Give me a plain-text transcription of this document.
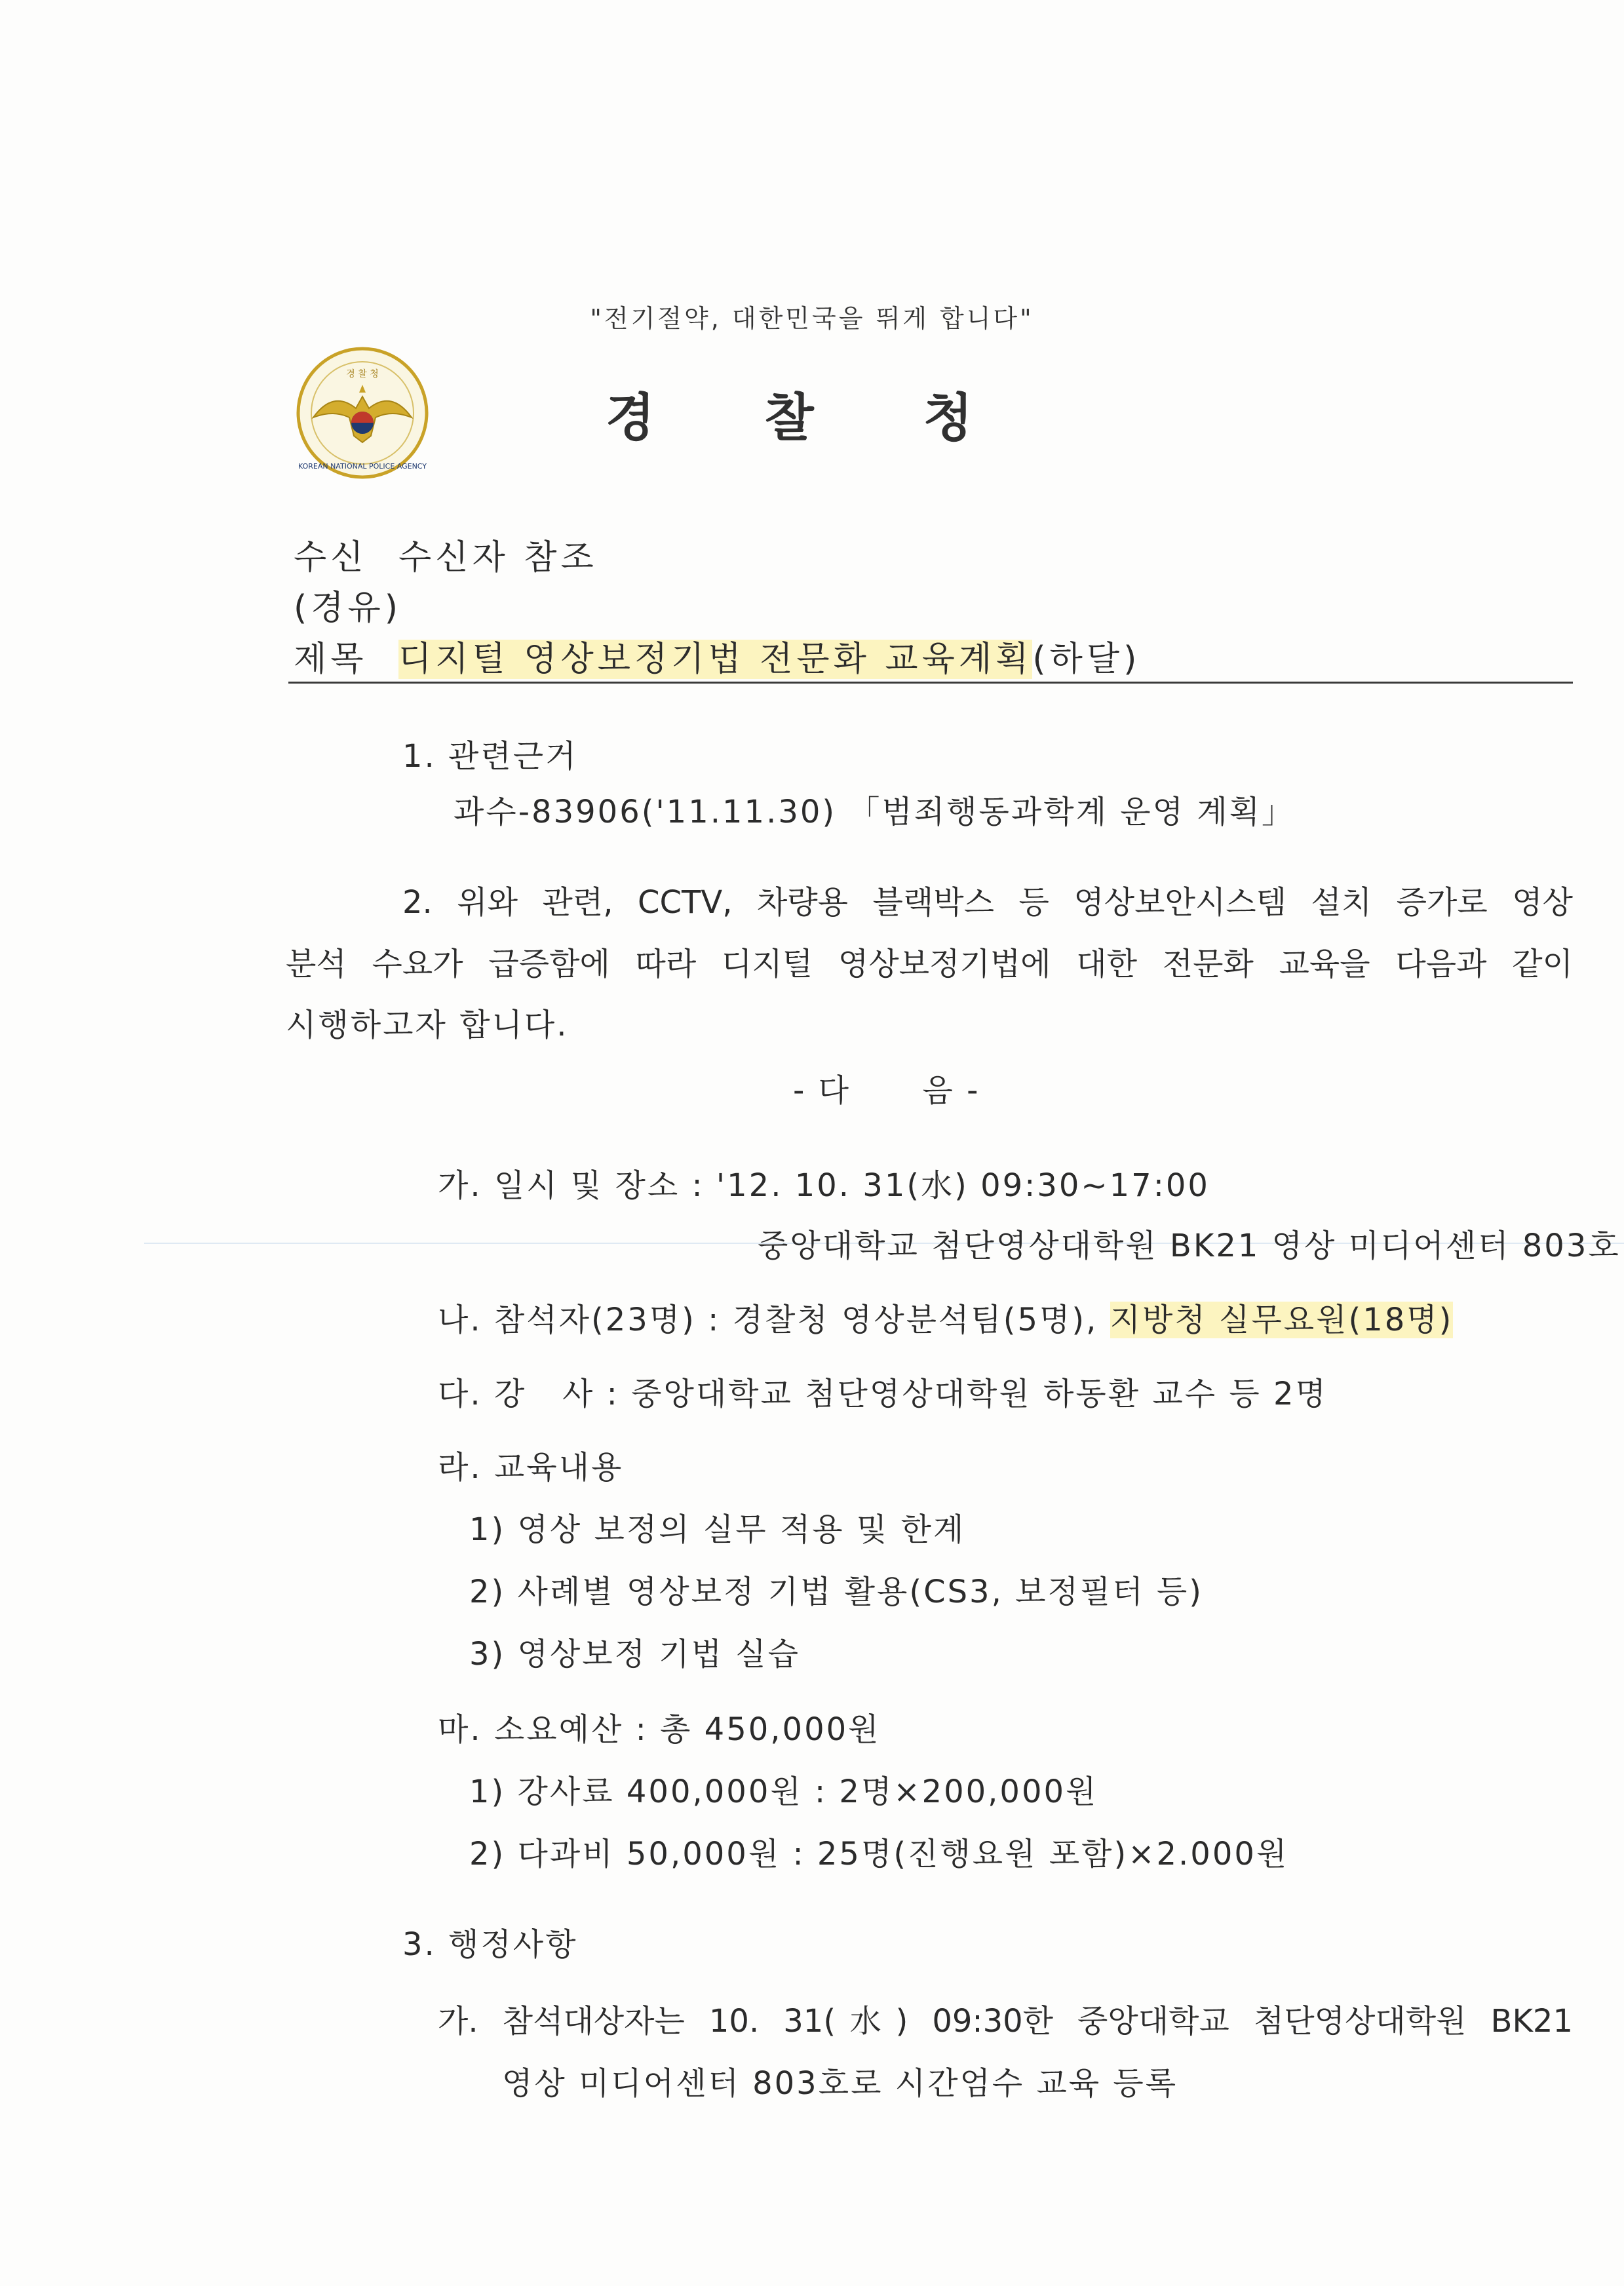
"전기절약, 대한민국을 뛰게 합니다"
경 찰 청
KOREAN NATIONAL POLICE AGENCY
경 찰 청
수신 수신자 참조
(경유)
제목 디지털 영상보정기법 전문화 교육계획(하달)
1. 관련근거
과수-83906('11.11.30) 「범죄행동과학계 운영 계획」
2. 위와 관련, CCTV, 차량용 블랙박스 등 영상보안시스템 설치 증가로 영상
분석 수요가 급증함에 따라 디지털 영상보정기법에 대한 전문화 교육을 다음과 같이
시행하고자 합니다.
- 다      음 -
가. 일시 및 장소 : '12. 10. 31(水) 09:30~17:00
중앙대학교 첨단영상대학원 BK21 영상 미디어센터 803호
나. 참석자(23명) : 경찰청 영상분석팀(5명), 지방청 실무요원(18명)
다. 강   사 : 중앙대학교 첨단영상대학원 하동환 교수 등 2명
라. 교육내용
1) 영상 보정의 실무 적용 및 한계
2) 사례별 영상보정 기법 활용(CS3, 보정필터 등)
3) 영상보정 기법 실습
마. 소요예산 : 총 450,000원
1) 강사료 400,000원 : 2명×200,000원
2) 다과비 50,000원 : 25명(진행요원 포함)×2.000원
3. 행정사항
가. 참석대상자는 10. 31(水) 09:30한 중앙대학교 첨단영상대학원 BK21
영상 미디어센터 803호로 시간엄수 교육 등록
